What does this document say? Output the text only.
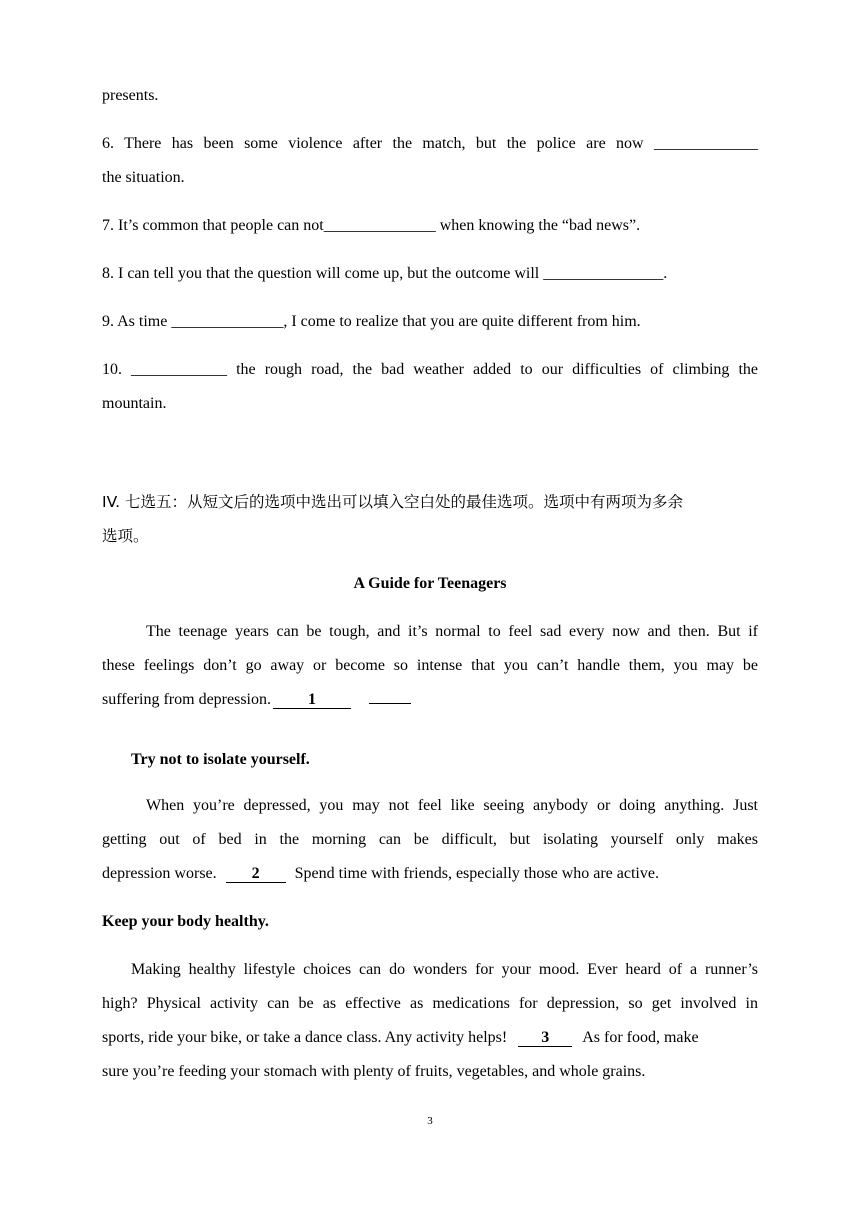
presents.
6. There has been some violence after the match, but the police are now _____________
the situation.
7. It’s common that people can not______________ when knowing the “bad news”.
8. I can tell you that the question will come up, but the outcome will _______________.
9. As time ______________, I come to realize that you are quite different from him.
10. ____________ the rough road, the bad weather added to our difficulties of climbing the
mountain.
IV. 七选五：从短文后的选项中选出可以填入空白处的最佳选项。选项中有两项为多余
选项。
A Guide for Teenagers
The teenage years can be tough, and it’s normal to feel sad every now and then. But if
these feelings don’t go away or become so intense that you can’t handle them, you may be
suffering from depression. 1
Try not to isolate yourself.
When you’re depressed, you may not feel like seeing anybody or doing anything. Just
getting out of bed in the morning can be difficult, but isolating yourself only makes
depression worse. 2 Spend time with friends, especially those who are active.
Keep your body healthy.
Making healthy lifestyle choices can do wonders for your mood. Ever heard of a runner’s
high? Physical activity can be as effective as medications for depression, so get involved in
sports, ride your bike, or take a dance class. Any activity helps! 3 As for food, make
sure you’re feeding your stomach with plenty of fruits, vegetables, and whole grains.
3
